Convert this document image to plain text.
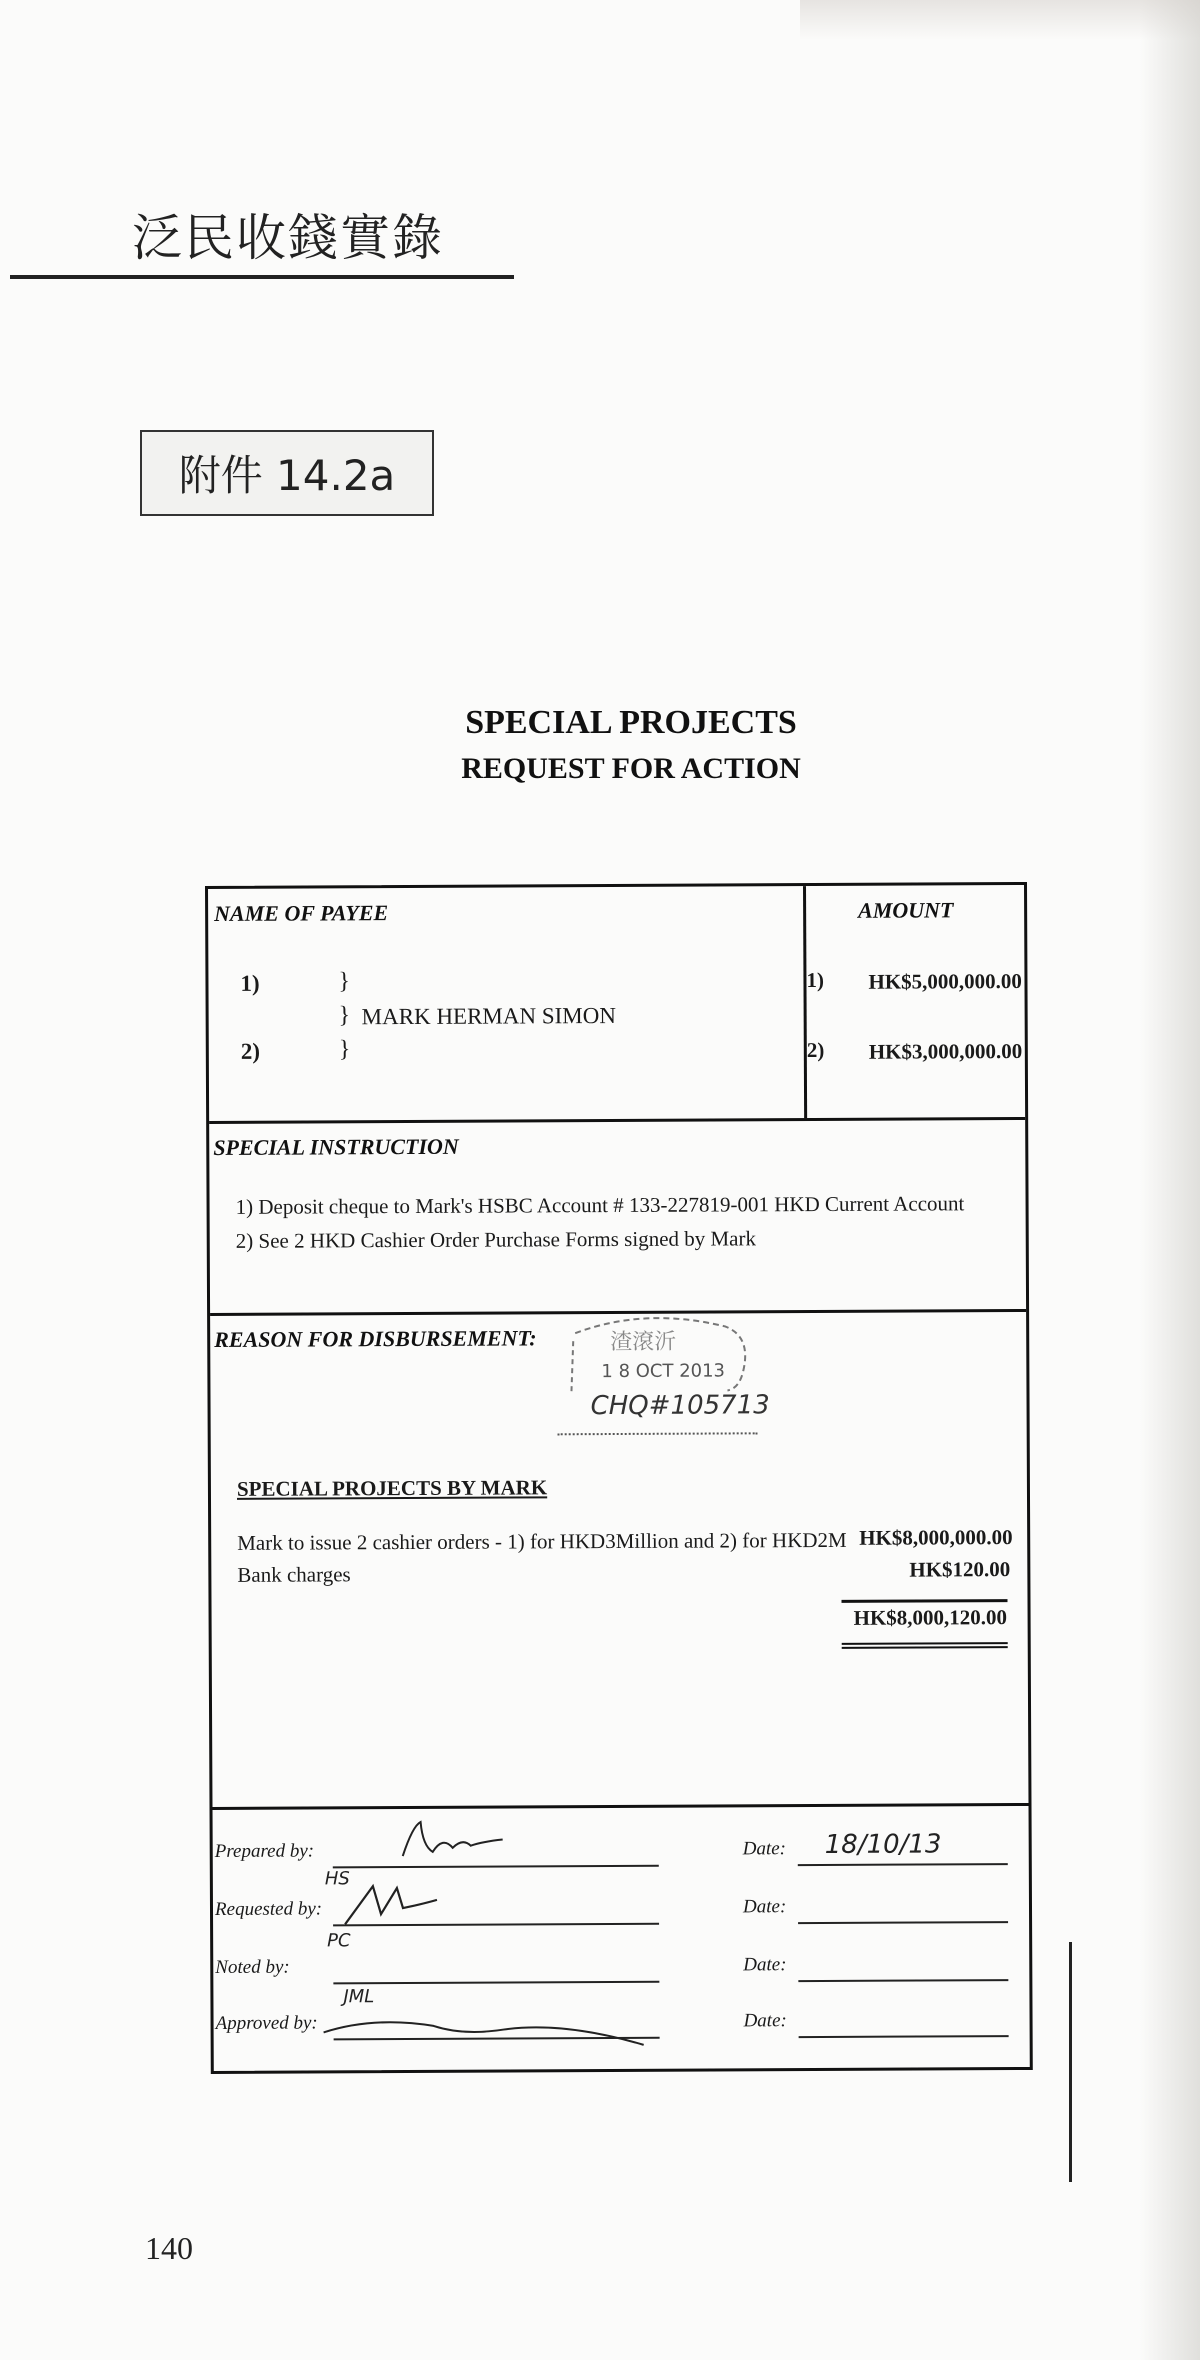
泛民收錢實錄
附件 14.2a
SPECIAL PROJECTS
REQUEST FOR ACTION
NAME OF PAYEE	AMOUNT
1)
2)
}
}
}
MARK HERMAN SIMON
1)
2)
HK$5,000,000.00
HK$3,000,000.00
SPECIAL INSTRUCTION
1) Deposit cheque to Mark's HSBC Account # 133-227819-001 HKD Current Account
2) See 2 HKD Cashier Order Purchase Forms signed by Mark
REASON FOR DISBURSEMENT:	渣滾沂
1 8 OCT 2013
CHQ#105713
SPECIAL PROJECTS BY MARK
Mark to issue 2 cashier orders - 1) for HKD3Million and 2) for HKD2M
Bank charges
HK$8,000,000.00
HK$120.00
HK$8,000,120.00
Prepared by:
Requested by:
Noted by:
Approved by:
HS
PC
JML
Date:
Date:
Date:
Date:
18/10/13
140
